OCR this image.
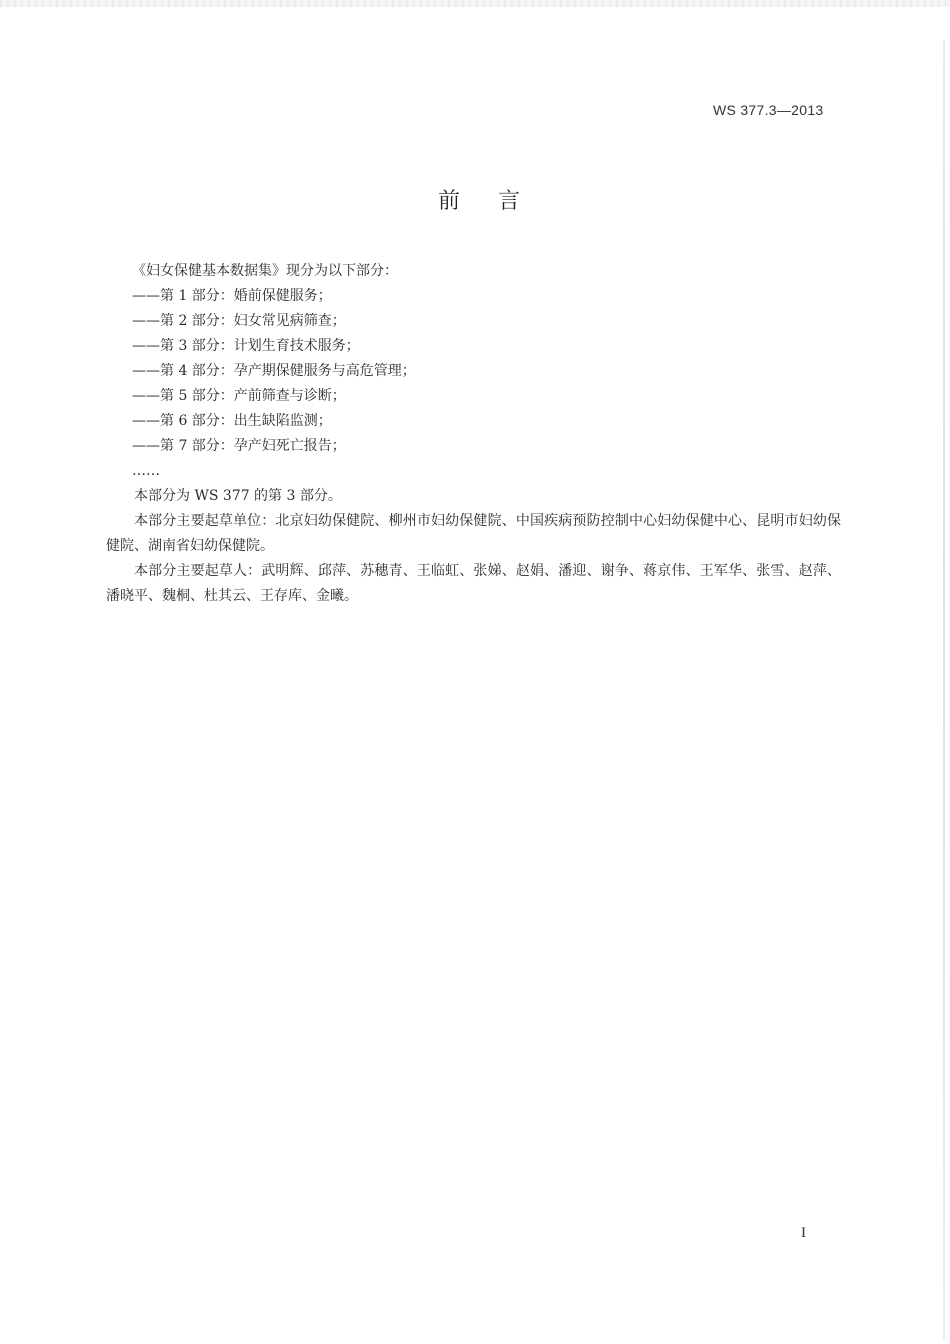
WS 377.3—2013
前言
《妇女保健基本数据集》现分为以下部分：
——第 1 部分：婚前保健服务；
——第 2 部分：妇女常见病筛查；
——第 3 部分：计划生育技术服务；
——第 4 部分：孕产期保健服务与高危管理；
——第 5 部分：产前筛查与诊断；
——第 6 部分：出生缺陷监测；
——第 7 部分：孕产妇死亡报告；
……
本部分为 WS 377 的第 3 部分。
本部分主要起草单位：北京妇幼保健院、柳州市妇幼保健院、中国疾病预防控制中心妇幼保健中心、昆明市妇幼保健院、湖南省妇幼保健院。
本部分主要起草人：武明辉、邱萍、苏穗青、王临虹、张娣、赵娟、潘迎、谢争、蒋京伟、王军华、张雪、赵萍、潘晓平、魏桐、杜其云、王存库、金曦。
I
